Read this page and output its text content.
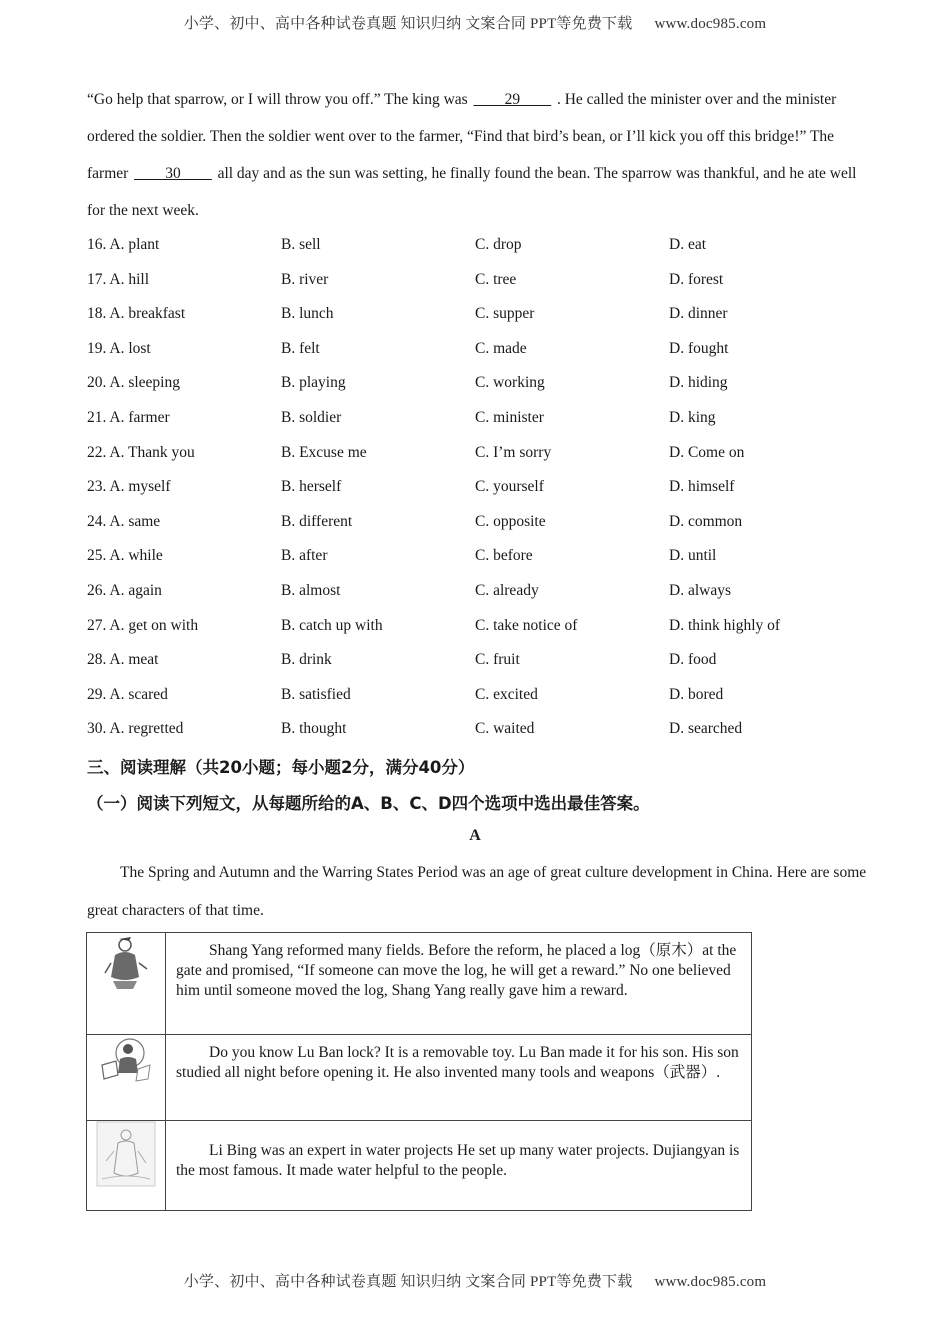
小学、初中、高中各种试卷真题 知识归纳 文案合同 PPT等免费下载 www.doc985.com
“Go help that sparrow, or I will throw you off.” The king was ____29____ . He called the minister over and the minister ordered the soldier. Then the soldier went over to the farmer, “Find that bird’s bean, or I’ll kick you off this bridge!” The farmer ____30____ all day and as the sun was setting, he finally found the bean. The sparrow was thankful, and he ate well for the next week.
16. A. plant	B. sell	C. drop	D. eat
17. A. hill	B. river	C. tree	D. forest
18. A. breakfast	B. lunch	C. supper	D. dinner
19. A. lost	B. felt	C. made	D. fought
20. A. sleeping	B. playing	C. working	D. hiding
21. A. farmer	B. soldier	C. minister	D. king
22. A. Thank you	B. Excuse me	C. I’m sorry	D. Come on
23. A. myself	B. herself	C. yourself	D. himself
24. A. same	B. different	C. opposite	D. common
25. A. while	B. after	C. before	D. until
26. A. again	B. almost	C. already	D. always
27. A. get on with	B. catch up with	C. take notice of	D. think highly of
28. A. meat	B. drink	C. fruit	D. food
29. A. scared	B. satisfied	C. excited	D. bored
30. A. regretted	B. thought	C. waited	D. searched
三、阅读理解（共20小题；每小题2分，满分40分）
（一）阅读下列短文，从每题所给的A、B、C、D四个选项中选出最佳答案。
A
The Spring and Autumn and the Warring States Period was an age of great culture development in China. Here are some great characters of that time.
	Shang Yang reformed many fields. Before the reform, he placed a log（原木）at the gate and promised, “If someone can move the log, he will get a reward.” No one believed him until someone moved the log, Shang Yang really gave him a reward.

	Do you know Lu Ban lock? It is a removable toy. Lu Ban made it for his son. His son studied all night before opening it. He also invented many tools and weapons（武器）.

	Li Bing was an expert in water projects He set up many water projects. Dujiangyan is the most famous. It made water helpful to the people.
小学、初中、高中各种试卷真题 知识归纳 文案合同 PPT等免费下载 www.doc985.com
